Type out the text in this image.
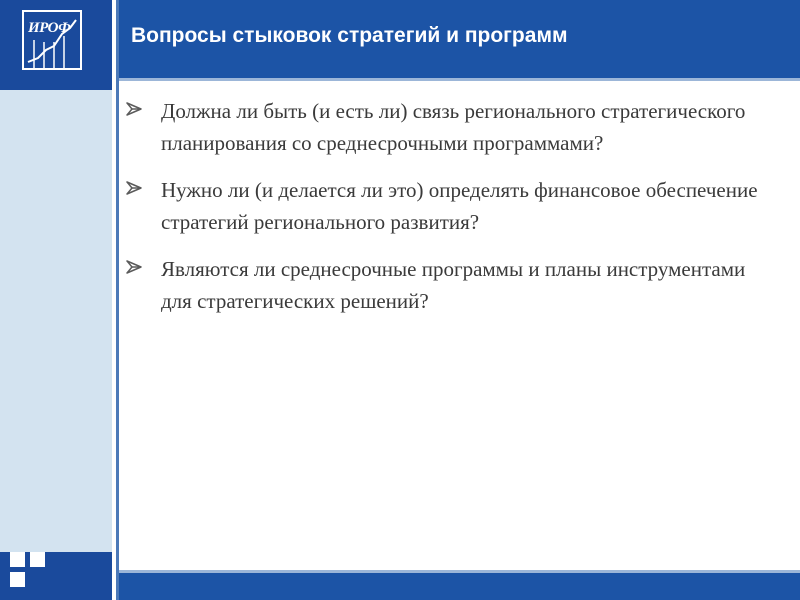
ИРОФ	Вопросы стыковок стратегий и программ
Должна ли быть (и есть ли) связь регионального стратегического планирования со среднесрочными программами?
Нужно ли (и делается ли это) определять финансовое обеспечение стратегий регионального развития?
Являются ли среднесрочные программы и планы инструментами для стратегических решений?
